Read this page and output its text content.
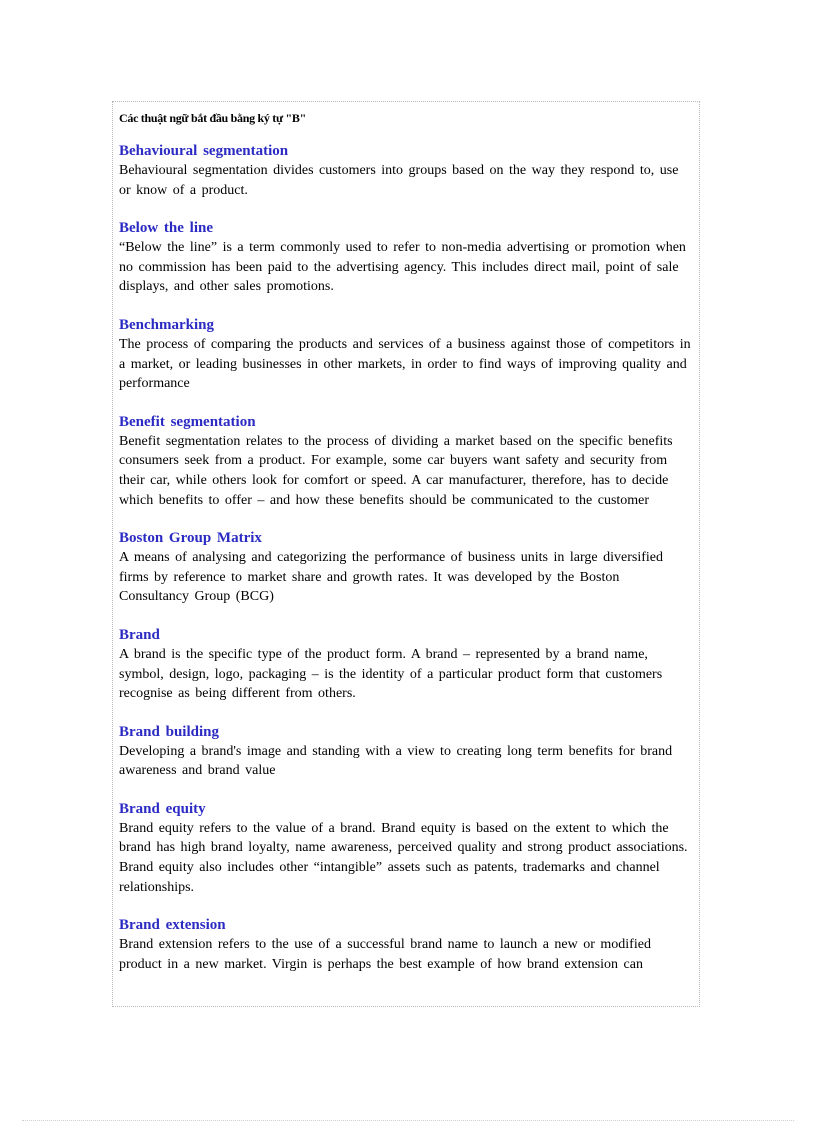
Các thuật ngữ bắt đầu bằng ký tự "B"

Behavioural segmentation

Behavioural segmentation divides customers into groups based on the way they respond to, use or know of a product.

Below the line

“Below the line” is a term commonly used to refer to non-media advertising or promotion when no commission has been paid to the advertising agency. This includes direct mail, point of sale displays, and other sales promotions.

Benchmarking

The process of comparing the products and services of a business against those of competitors in a market, or leading businesses in other markets, in order to find ways of improving quality and performance

Benefit segmentation

Benefit segmentation relates to the process of dividing a market based on the specific benefits consumers seek from a product. For example, some car buyers want safety and security from their car, while others look for comfort or speed. A car manufacturer, therefore, has to decide which benefits to offer – and how these benefits should be communicated to the customer

Boston Group Matrix

A means of analysing and categorizing the performance of business units in large diversified firms by reference to market share and growth rates. It was developed by the Boston Consultancy Group (BCG)

Brand

A brand is the specific type of the product form. A brand – represented by a brand name, symbol, design, logo, packaging – is the identity of a particular product form that customers recognise as being different from others.

Brand building

Developing a brand's image and standing with a view to creating long term benefits for brand awareness and brand value

Brand equity

Brand equity refers to the value of a brand. Brand equity is based on the extent to which the brand has high brand loyalty, name awareness, perceived quality and strong product associations. Brand equity also includes other “intangible” assets such as patents, trademarks and channel relationships.

Brand extension

Brand extension refers to the use of a successful brand name to launch a new or modified product in a new market. Virgin is perhaps the best example of how brand extension can
